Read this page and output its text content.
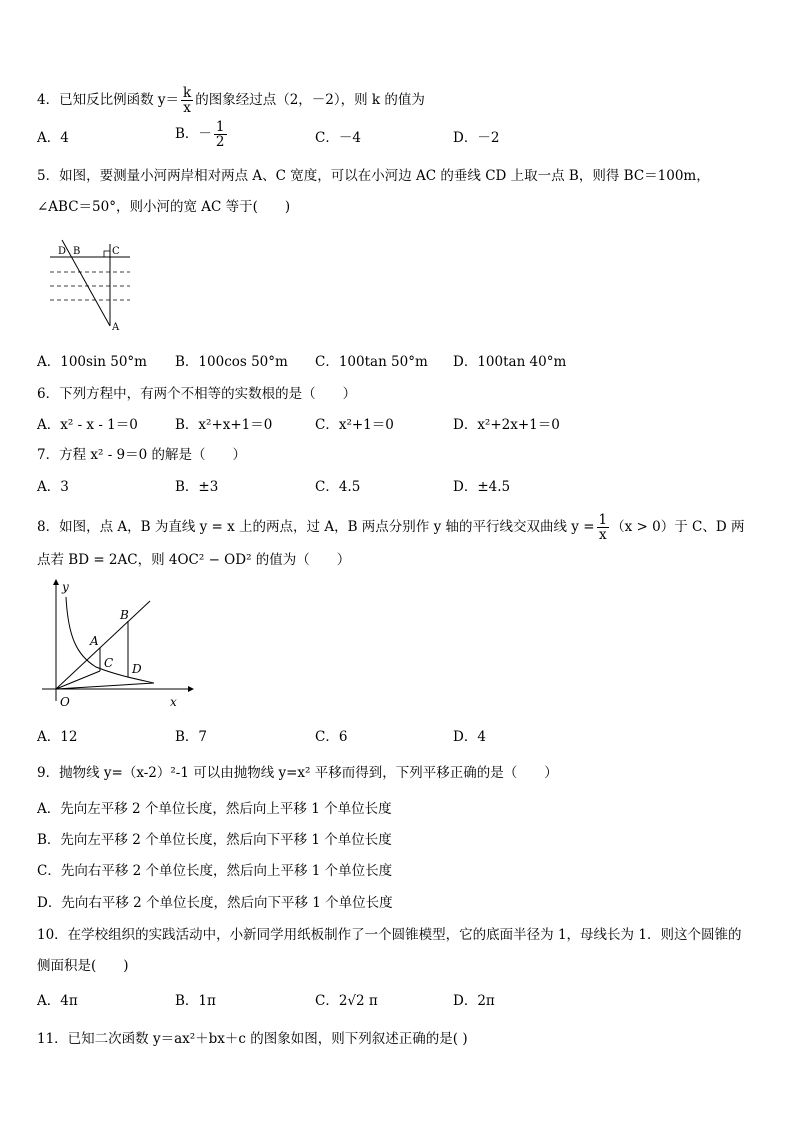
4．已知反比例函数 $y= \frac{k}{x}$ 的图象经过点（2，－2），则 k 的值为
A．4	B．－ $\frac{1}{2}$	C．－4	D．－2
5．如图，要测量小河两岸相对两点 A、C 宽度，可以在小河边 AC 的垂线 CD 上取一点 B，则得 BC＝100m，
∠ABC＝50°，则小河的宽 AC 等于(　　)
D B	C
A
A．100sin 50°m B．100cos 50°m C．100tan 50°m D．100tan 40°m
6．下列方程中，有两个不相等的实数根的是（　　）
A．x² - x - 1＝0	B．x²+x+1＝0	C．x²+1＝0	D．x²+2x+1＝0
7．方程 x² - 9＝0 的解是（　　）
A．3	B．±3	C．4.5	D．±4.5
8．如图，点 A，B 为直线 y = x 上的两点，过 A，B 两点分别作 y 轴的平行线交双曲线 $y = \frac{1}{x} (x > 0)$于 C、D 两
点若 BD = 2AC，则 4OC² − OD² 的值为（　　）
y
x
O
A
B
C D
A．12	B．7	C．6	D．4
9．抛物线 y=（x-2）²-1 可以由抛物线 y=x² 平移而得到，下列平移正确的是（　　）
A．先向左平移 2 个单位长度，然后向上平移 1 个单位长度
B．先向左平移 2 个单位长度，然后向下平移 1 个单位长度
C．先向右平移 2 个单位长度，然后向上平移 1 个单位长度
D．先向右平移 2 个单位长度，然后向下平移 1 个单位长度
10．在学校组织的实践活动中，小新同学用纸板制作了一个圆锥模型，它的底面半径为 1，母线长为 1．则这个圆锥的
侧面积是(　　)
A．4π	B．1π	C．2√2 π	D．2π
11．已知二次函数 y＝ax²＋bx＋c 的图象如图，则下列叙述正确的是( )
